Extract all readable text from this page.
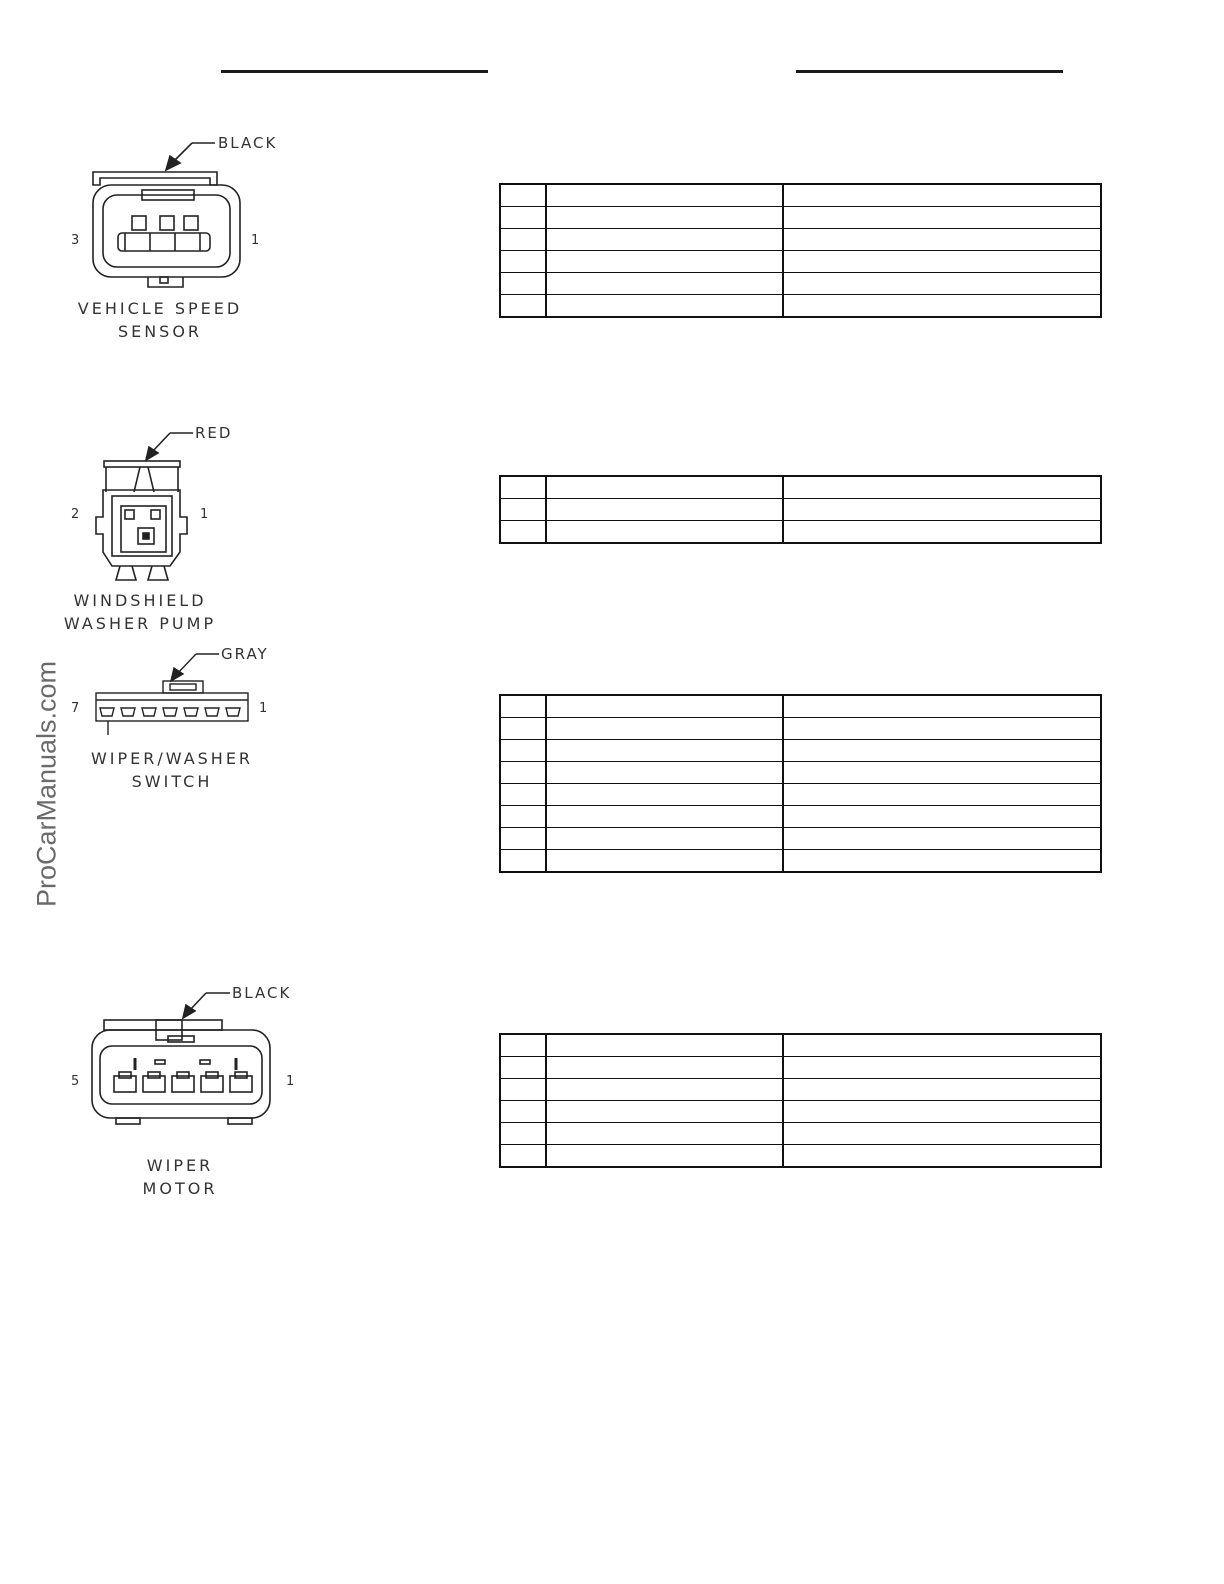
ProCarManuals.com
BLACK
3	1
VEHICLE SPEED
SENSOR

RED
2	1
WINDSHIELD
WASHER PUMP

GRAY
7	1
WIPER/WASHER
SWITCH

BLACK
5	1
WIPER
MOTOR
